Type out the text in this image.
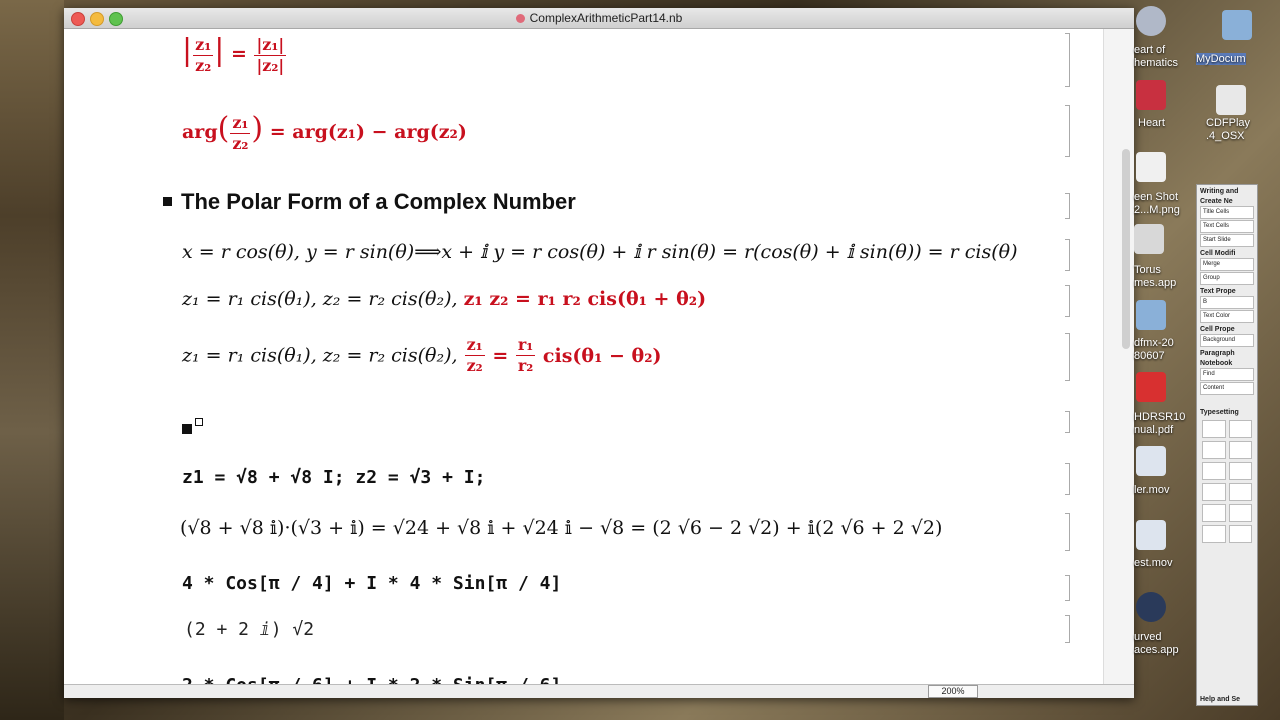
ComplexArithmeticPart14.nb
| $\frac{\text{z₁}}{\text{z₂}}$ | = $\frac{\text{|z₁|}}{\text{|z₂|}}$
$arg( \frac{\text{z₁}}{\text{z₂}}$ ) = arg(z₁) − arg(z₂)
The Polar Form of a Complex Number
x = r cos(θ), y = r sin(θ)⟹x + 𝕚 y = r cos(θ) + 𝕚 r sin(θ) = r(cos(θ) + 𝕚 sin(θ)) = r cis(θ)
z₁ = r₁ cis(θ₁), z₂ = r₂ cis(θ₂), z₁ z₂ = r₁ r₂ cis(θ₁ + θ₂)
z₁ = r₁ cis(θ₁), z₂ = r₂ cis(θ₂), $\frac{\text{z₁}}{\text{z₂}} = \frac{\text{r₁}}{\text{r₂}} cis(\theta_1 - \theta_2)$
z1 = √8 + √8 I; z2 = √3 + I;
(√8 + √8 𝕚)·(√3 + 𝕚) = √24 + √8 𝕚 + √24 𝕚 − √8 = (2 √6 − 2 √2) + 𝕚(2 √6 + 2 √2)
4 * Cos[π / 4] + I * 4 * Sin[π / 4]
(2 + 2 ⅈ) √2
200%
eart of
hematics MyDocum
Heart	CDFPlay
.4_OSX
een Shot
2...M.png
Torus
mes.app
dfmx-20
80607
HDRSR10
nual.pdf
ler.mov
est.mov
urved
aces.app
Writing and
Create Ne
Title Cells
Text Cells
Start Slide
Cell Modifi
Merge
Group
Text Prope
B
Text Color
Cell Prope
Background
Paragraph
Notebook
Find
Content
Typesetting
Help and Se
